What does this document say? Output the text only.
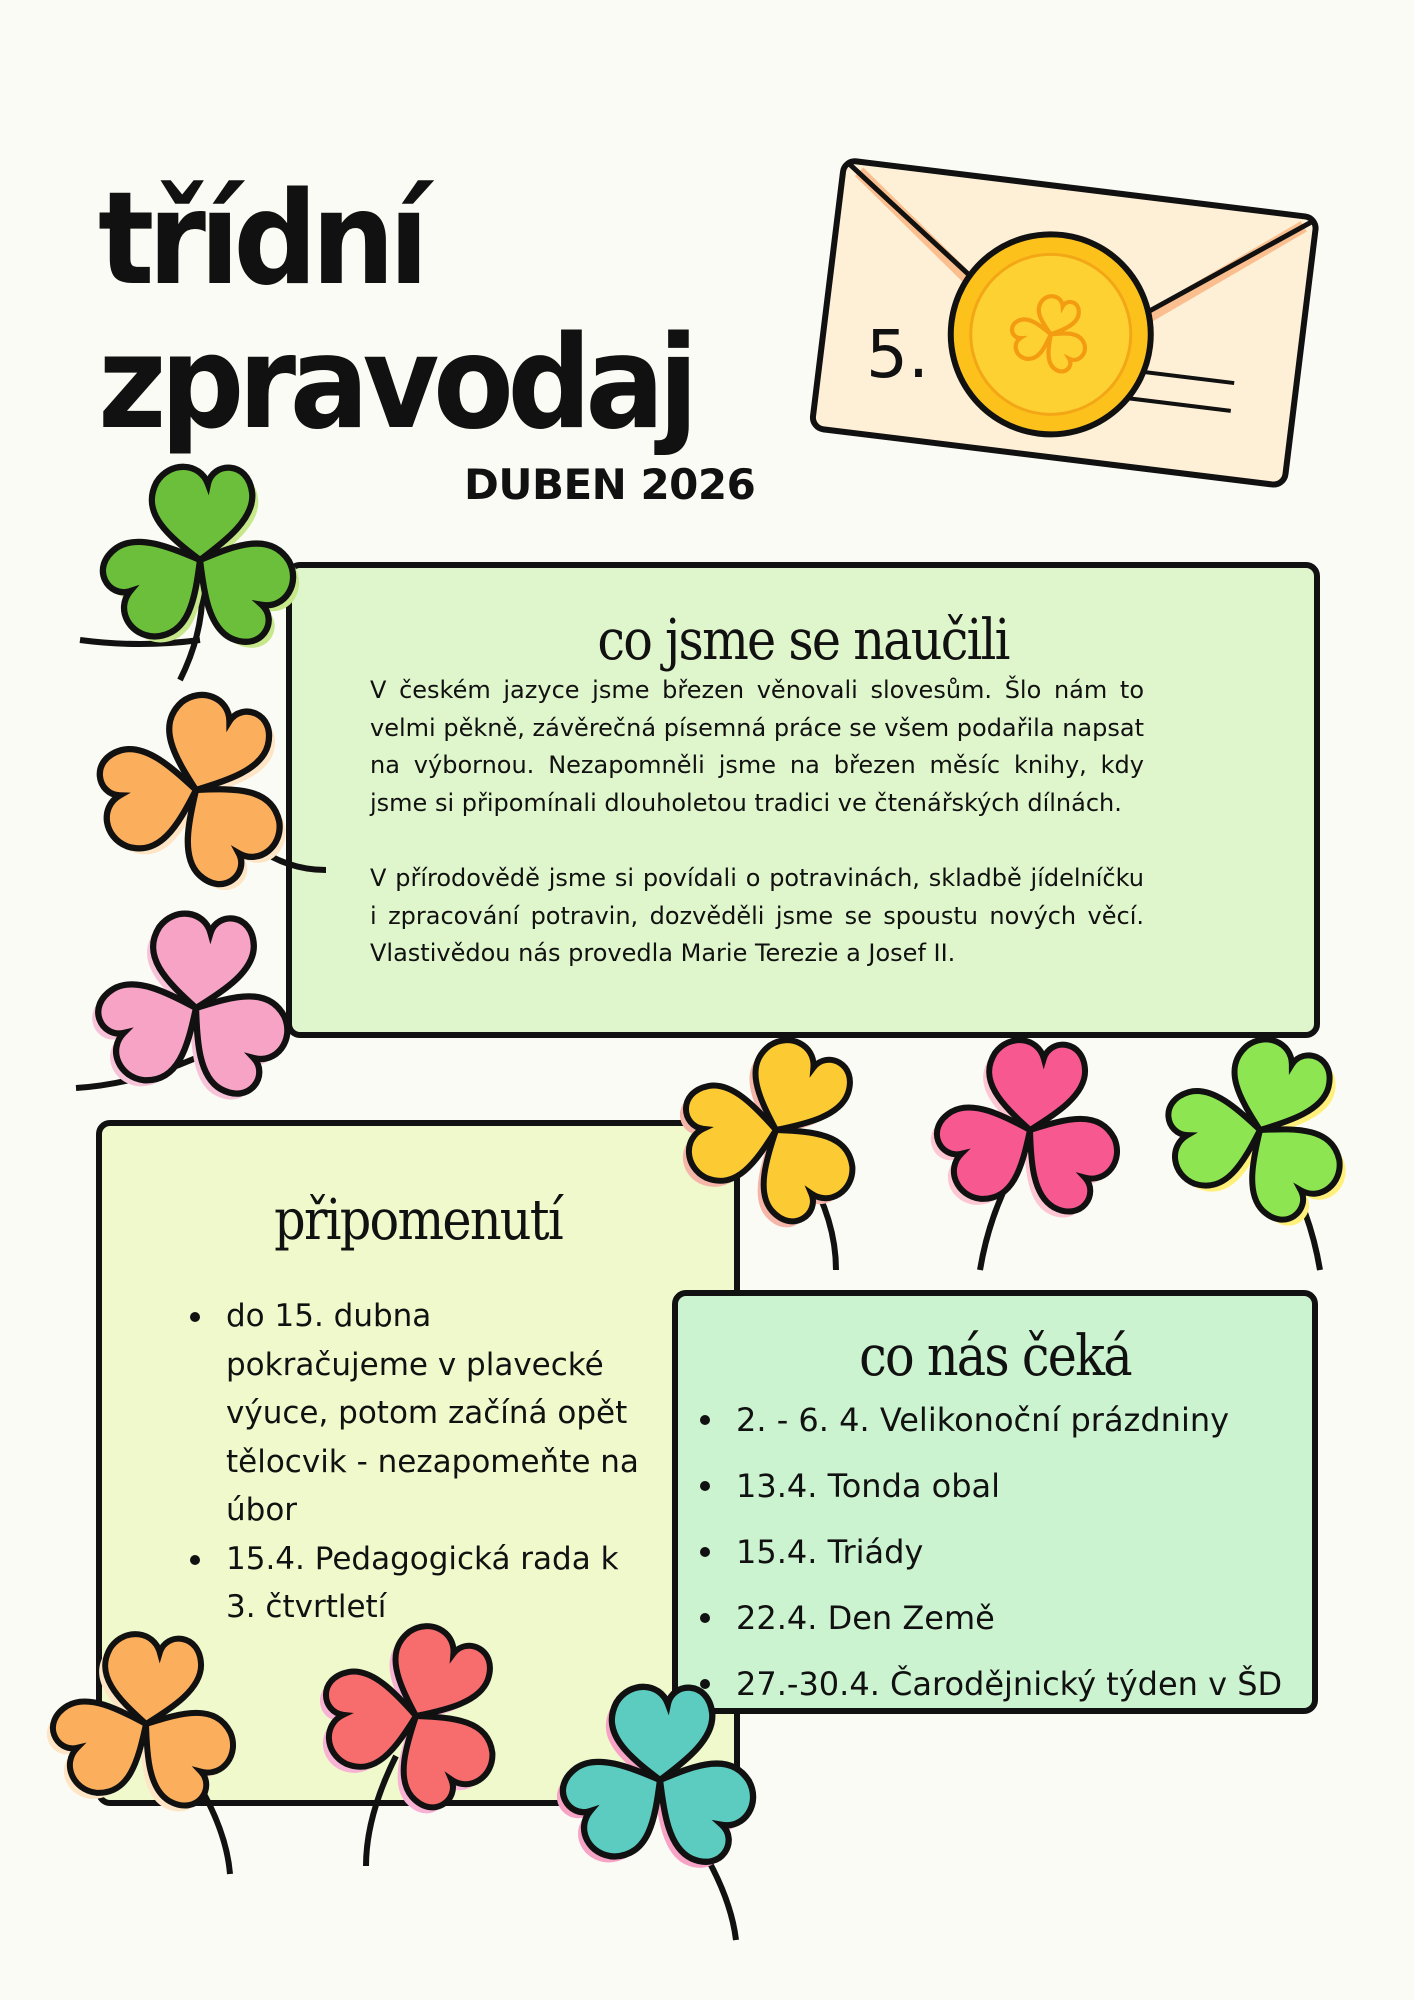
třídní
zpravodaj
DUBEN 2026
5.
co jsme se naučili

V českém jazyce jsme březen věnovali slovesům. Šlo nám to velmi pěkně, závěrečná písemná práce se všem podařila napsat na výbornou. Nezapomněli jsme na březen měsíc knihy, kdy jsme si připomínali dlouholetou tradici ve čtenářských dílnách.

V přírodovědě jsme si povídali o potravinách, skladbě jídelníčku i zpracování potravin, dozvěděli jsme se spoustu nových věcí. Vlastivědou nás provedla Marie Terezie a Josef II.

připomenutí
do 15. dubna pokračujeme v plavecké výuce, potom začíná opět tělocvik - nezapomeňte na úbor
15.4. Pedagogická rada k 3. čtvrtletí
co nás čeká
2. - 6. 4. Velikonoční prázdniny
13.4. Tonda obal
15.4. Triády
22.4. Den Země
27.-30.4. Čarodějnický týden v ŠD
